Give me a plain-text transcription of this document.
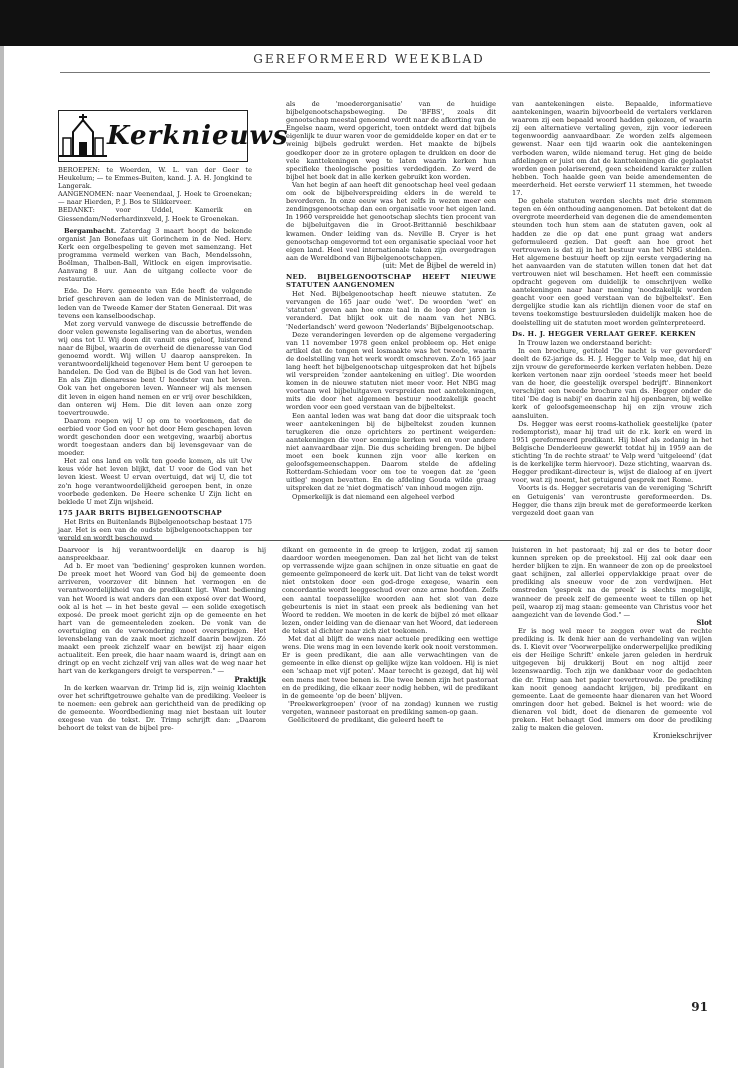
GEREFORMEERD WEEKBLAD
Kerknieuws

BEROEPEN: te Woerden, W. L. van der Geer te Heukelum; — te Emmes-Buiten, kand. J. A. H. Jongkind te Langerak.

AANGENOMEN: naar Veenendaal, J. Hoek te Groenekan; — naar Hierden, P. J. Bos te Slikkerveer.

BEDANKT: voor Uddel, Kamerik en Giessendam/Nederhardinxveld, J. Hoek te Groenekan.

Bergambacht. Zaterdag 3 maart hoopt de bekende organist Jan Bonefaas uit Gorinchem in de Ned. Herv. Kerk een orgelbespeling te geven met samenzang. Het programma vermeld werken van Bach, Mendelssohn, Boëlman, Thalben-Ball, Witlock en eigen improvisatie. Aanvang 8 uur. Aan de uitgang collecte voor de restauratie.

Ede. De Herv. gemeente van Ede heeft de volgende brief geschreven aan de leden van de Ministerraad, de leden van de Tweede Kamer der Staten Generaal. Dit was tevens een kanselboodschap.

Met zorg vervuld vanwege de discussie betreffende de door velen gewenste legalisering van de abortus, wenden wij ons tot U. Wij doen dit vanuit ons geloof, luisterend naar de Bijbel, waarin de overheid de dienaresse van God genoemd wordt. Wij willen U daarop aanspreken. In verantwoordelijkheid tegenover Hem bent U geroepen te handelen. De God van de Bijbel is de God van het leven. En als Zijn dienaresse bent U hoedster van het leven. Ook van het ongeboren leven. Wanneer wij als mensen dit leven in eigen hand nemen en er vrij over beschikken, dan onteren wij Hem. Die dit leven aan onze zorg toevertrouwde.

Daarom roepen wij U op om te voorkomen, dat de eerbied voor God en voor het door Hem geschapen leven wordt geschonden door een wetgeving, waarbij abortus wordt toegestaan anders dan bij levensgevaar van de moeder.

Het zal ons land en volk ten goede komen, als uit Uw keus vóór het leven blijkt, dat U voor de God van het leven kiest. Weest U ervan overtuigd, dat wij U, die tot zo'n hoge verantwoordelijkheid geroepen bent, in onze voorbede gedenken. De Heere schenke U Zijn licht en beklede U met Zijn wijsheid.

175 JAAR BRITS BIJBELGENOOTSCHAP

Het Brits en Buitenlands Bijbelgenootschap bestaat 175 jaar. Het is een van de oudste bijbelgenootschappen ter wereld en wordt beschouwd

als de 'moederorganisatie' van de huidige bijbelgenootschapsbeweging. De 'BFBS', zoals dit genootschap meestal genoemd wordt naar de afkorting van de Engelse naam, werd opgericht, toen ontdekt werd dat bijbels eigenlijk te duur waren voor de gemiddelde koper en dat er te weinig bijbels gedrukt werden. Het maakte de bijbels goedkoper door ze in grotere oplagen te drukken en door de vele kanttekeningen weg te laten waarin kerken hun specifieke theologische posities verdedigden. Zo werd de bijbel het boek dat in alle kerken gebruikt kon worden.

Van het begin af aan heeft dit genootschap heel veel gedaan om ook de bijbelverspreiding elders in de wereld te bevorderen. In onze eeuw was het zelfs in wezen meer een zendingsgenootschap dan een organisatie voor het eigen land. In 1960 verspreidde het genootschap slechts tien procent van de bijbeluitgaven die in Groot-Brittannië beschikbaar kwamen. Onder leiding van ds. Neville B. Cryer is het genootschap omgevormd tot een organisatie speciaal voor het eigen land. Heel veel internationale taken zijn overgedragen aan de Wereldbond van Bijbelgenootschappen.

(uit: Met de Bijbel de wereld in)

NED. BIJBELGENOOTSCHAP HEEFT NIEUWE STATUTEN AANGENOMEN

Het Ned. Bijbelgenootschap heeft nieuwe statuten. Ze vervangen de 165 jaar oude 'wet'. De woorden 'wet' en 'statuten' geven aan hoe onze taal in de loop der jaren is veranderd. Dat blijkt ook uit de naam van het NBG. 'Nederlandsch' werd gewoon 'Nederlands' Bijbelgenootschap.

Deze veranderingen leverden op de algemene vergadering van 11 november 1978 geen enkel probleem op. Het enige artikel dat de tongen wel losmaakte was het tweede, waarin de doelstelling van het werk wordt omschreven. Zo'n 165 jaar lang heeft het bijbelgenootschap uitgesproken dat het bijbels wil verspreiden 'zonder aantekening en uitleg'. Die woorden komen in de nieuwe statuten niet meer voor. Het NBG mag voortaan wel bijbeluitgaven verspreiden met aantekeningen, mits die door het algemeen bestuur noodzakelijk geacht worden voor een goed verstaan van de bijbeltekst.

Een aantal leden was wat bang dat door die uitspraak toch weer aantekeningen bij de bijbeltekst zouden kunnen terugkeren die onze oprichters zo pertinent weigerden: aantekeningen die voor sommige kerken wel en voor andere niet aanvaardbaar zijn. Die dus scheiding brengen. De bijbel moet een boek kunnen zijn voor alle kerken en geloofsgemeenschappen. Daarom stelde de afdeling Rotterdam-Schiedam voor om toe te voegen dat ze 'geen uitleg' mogen bevatten. En de afdeling Gouda wilde graag uitspreken dat ze 'niet dogmatisch' van inhoud mogen zijn.

Opmerkelijk is dat niemand een algeheel verbod

van aantekeningen eiste. Bepaalde, informatieve aantekeningen, waarin bijvoorbeeld de vertalers verklaren waarom zij een bepaald woord hadden gekozen, of waarin zij een alternatieve vertaling geven, zijn voor iedereen tegenwoordig aanvaardbaar. Ze worden zelfs algemeen gewenst. Naar een tijd waarin ook die aantekeningen verboden waren, wilde niemand terug. Het ging de beide afdelingen er juist om dat de kanttekeningen die geplaatst worden geen polariserend, geen scheidend karakter zullen hebben. Toch haalde geen van beide amendementen de meerderheid. Het eerste verwierf 11 stemmen, het tweede 17.

De gehele statuten werden slechts met drie stemmen tegen en één onthouding aangenomen. Dat betekent dat de overgrote meerderheid van degenen die de amendementen steunden toch hun stem aan de statuten gaven, ook al hadden ze die op dat ene punt graag wat anders geformuleerd gezien. Dat geeft aan hoe groot het vertrouwen is dat zij in het bestuur van het NBG stelden. Het algemene bestuur heeft op zijn eerste vergadering na het aanvaarden van de statuten willen tonen dat het dat vertrouwen niet wil beschamen. Het heeft een commissie opdracht gegeven om duidelijk te omschrijven welke aantekeningen naar haar mening 'noodzakelijk worden geacht voor een goed verstaan van de bijbeltekst'. Een dergelijke studie kan als richtlijn dienen voor de staf en tevens toekomstige bestuursleden duidelijk maken hoe de doelstelling uit de statuten moet worden geïnterpreteerd.

Ds. H. J. HEGGER VERLAAT GEREF. KERKEN

In Trouw lazen we onderstaand bericht:

In een brochure, getiteld 'De nacht is ver gevorderd' deelt de 62-jarige ds. H. J. Hegger te Velp mee, dat hij en zijn vrouw de gereformeerde kerken verlaten hebben. Deze kerken vertonen naar zijn oordeel 'steeds meer het beeld van de hoer, die geestelijk overspel bedrijft'. Binnenkort verschijnt een tweede brochure van ds. Hegger onder de titel 'De dag is nabij' en daarin zal hij openbaren, bij welke kerk of geloofsgemeenschap hij en zijn vrouw zich aansluiten.

Ds. Hegger was eerst rooms-katholiek geestelijke (pater redemptorist), maar hij trad uit de r.k. kerk en werd in 1951 gereformeerd predikant. Hij bleef als zodanig in het Belgische Denderleeuw gewerkt totdat hij in 1959 aan de stichting 'In de rechte straat' te Velp werd 'uitgeleend' (dat is de kerkelijke term hiervoor). Deze stichting, waarvan ds. Hegger predikant-directeur is, wijst de dialoog af en ijvert voor, wat zij noemt, het getuigend gesprek met Rome.

Voorts is ds. Hegger secretaris van de vereniging 'Schrift en Getuigenis' van verontruste gereformeerden. Ds. Hegger, die thans zijn breuk met de gereformeerde kerken vergezeld doet gaan van

Daarvoor is hij verantwoordelijk en daarop is hij aanspreekbaar.

Ad b. Er moet van 'bediening' gesproken kunnen worden. De preek moet het Woord van God bij de gemeente doen arriveren, voorzover dit binnen het vermogen en de verantwoordelijkheid van de predikant ligt. Want bediening van het Woord is wat anders dan een exposé over dat Woord, ook al is het — in het beste geval — een solide exegetisch exposé. De preek moet gericht zijn op de gemeente en het hart van de gemeenteleden zoeken. De vonk van de overtuiging en de verwondering moet overspringen. Het levensbelang van de zaak moet zichzelf daarin bewijzen. Zó maakt een preek zichzelf waar en bewijst zij haar eigen actualiteit. Een preek, die haar naam waard is, dringt aan en dringt op en vecht zichzelf vrij van alles wat de weg naar het hart van de kerkgangers dreigt te versperren." —

Praktijk

In de kerken waarvan dr. Trimp lid is, zijn weinig klachten over het schriftgetrouwe gehalte van de prediking. Veeleer is te noemen: een gebrek aan gerichtheid van de prediking op de gemeente. Woordbediening mag niet bestaan uit louter exegese van de tekst. Dr. Trimp schrijft dan: „Daarom behoort de tekst van de bijbel pre-

dikant en gemeente in de greep te krijgen, zodat zij samen daardoor worden meegenomen. Dan zal het licht van de tekst op verrassende wijze gaan schijnen in onze situatie en gaat de gemeente geïmponeerd de kerk uit. Dat licht van de tekst wordt niet ontstoken door een god-droge exegese, waarin een concordantie wordt leeggeschud over onze arme hoofden. Zelfs een aantal toepasselijke woorden aan het slot van deze gebeurtenis is niet in staat een preek als bediening van het Woord te redden. We moeten in de kerk de bijbel zó met elkaar lezen, onder leiding van de dienaar van het Woord, dat iedereen de tekst al dichter naar zich ziet toekomen.

Met dat al blijft de wens naar actuele prediking een wettige wens. Die wens mag in een levende kerk ook nooit verstommen. Er is geen predikant, die aan alle verwachtingen van de gemeente in elke dienst op gelijke wijze kan voldoen. Hij is niet een 'schaap met vijf poten'. Maar terecht is gezegd, dat hij wèl een mens met twee benen is. Die twee benen zijn het pastoraat en de prediking, die elkaar zeer nodig hebben, wil de predikant in de gemeente 'op de been' blijven.

'Preekwerkgroepen' (voor of na zondag) kunnen we rustig vergeten, wanneer pastoraat en prediking samen-op gaan.

Geëliciteerd de predikant, die geleerd heeft te

luisteren in het pastoraat; hij zal er des te beter door kunnen spreken op de preekstoel. Hij zal ook daar een herder blijken te zijn. En wanneer de zon op de preekstoel gaat schijnen, zal allerlei oppervlakkige praat over de prediking als sneeuw voor de zon verdwijnen. Het omstreden 'gesprek na de preek' is slechts mogelijk, wanneer de preek zelf de gemeente weet te tillen op het peil, waarop zij mag staan: gemeente van Christus voor het aangezicht van de levende God." —

Slot

Er is nog wel meer te zeggen over wat de rechte prediking is. Ik denk hier aan de verhandeling van wijlen ds. I. Kievit over 'Voorwerpelijke onderwerpelijke prediking eis der Heilige Schrift' enkele jaren geleden in herdruk uitgegeven bij drukkerij Bout en nog altijd zeer lezenswaardig. Toch zijn we dankbaar voor de gedachten die dr. Trimp aan het papier toevertrouwde. De prediking kan nooit genoeg aandacht krijgen, bij predikant en gemeente. Laat de gemeente haar dienaren van het Woord omringen door het gebed. Beknel is het woord: wie de dienaren vol bidt, doet de dienaren de gemeente vol preken. Het behaagt God immers om door de prediking zalig te maken die geloven.

Kroniekschrijver

91
